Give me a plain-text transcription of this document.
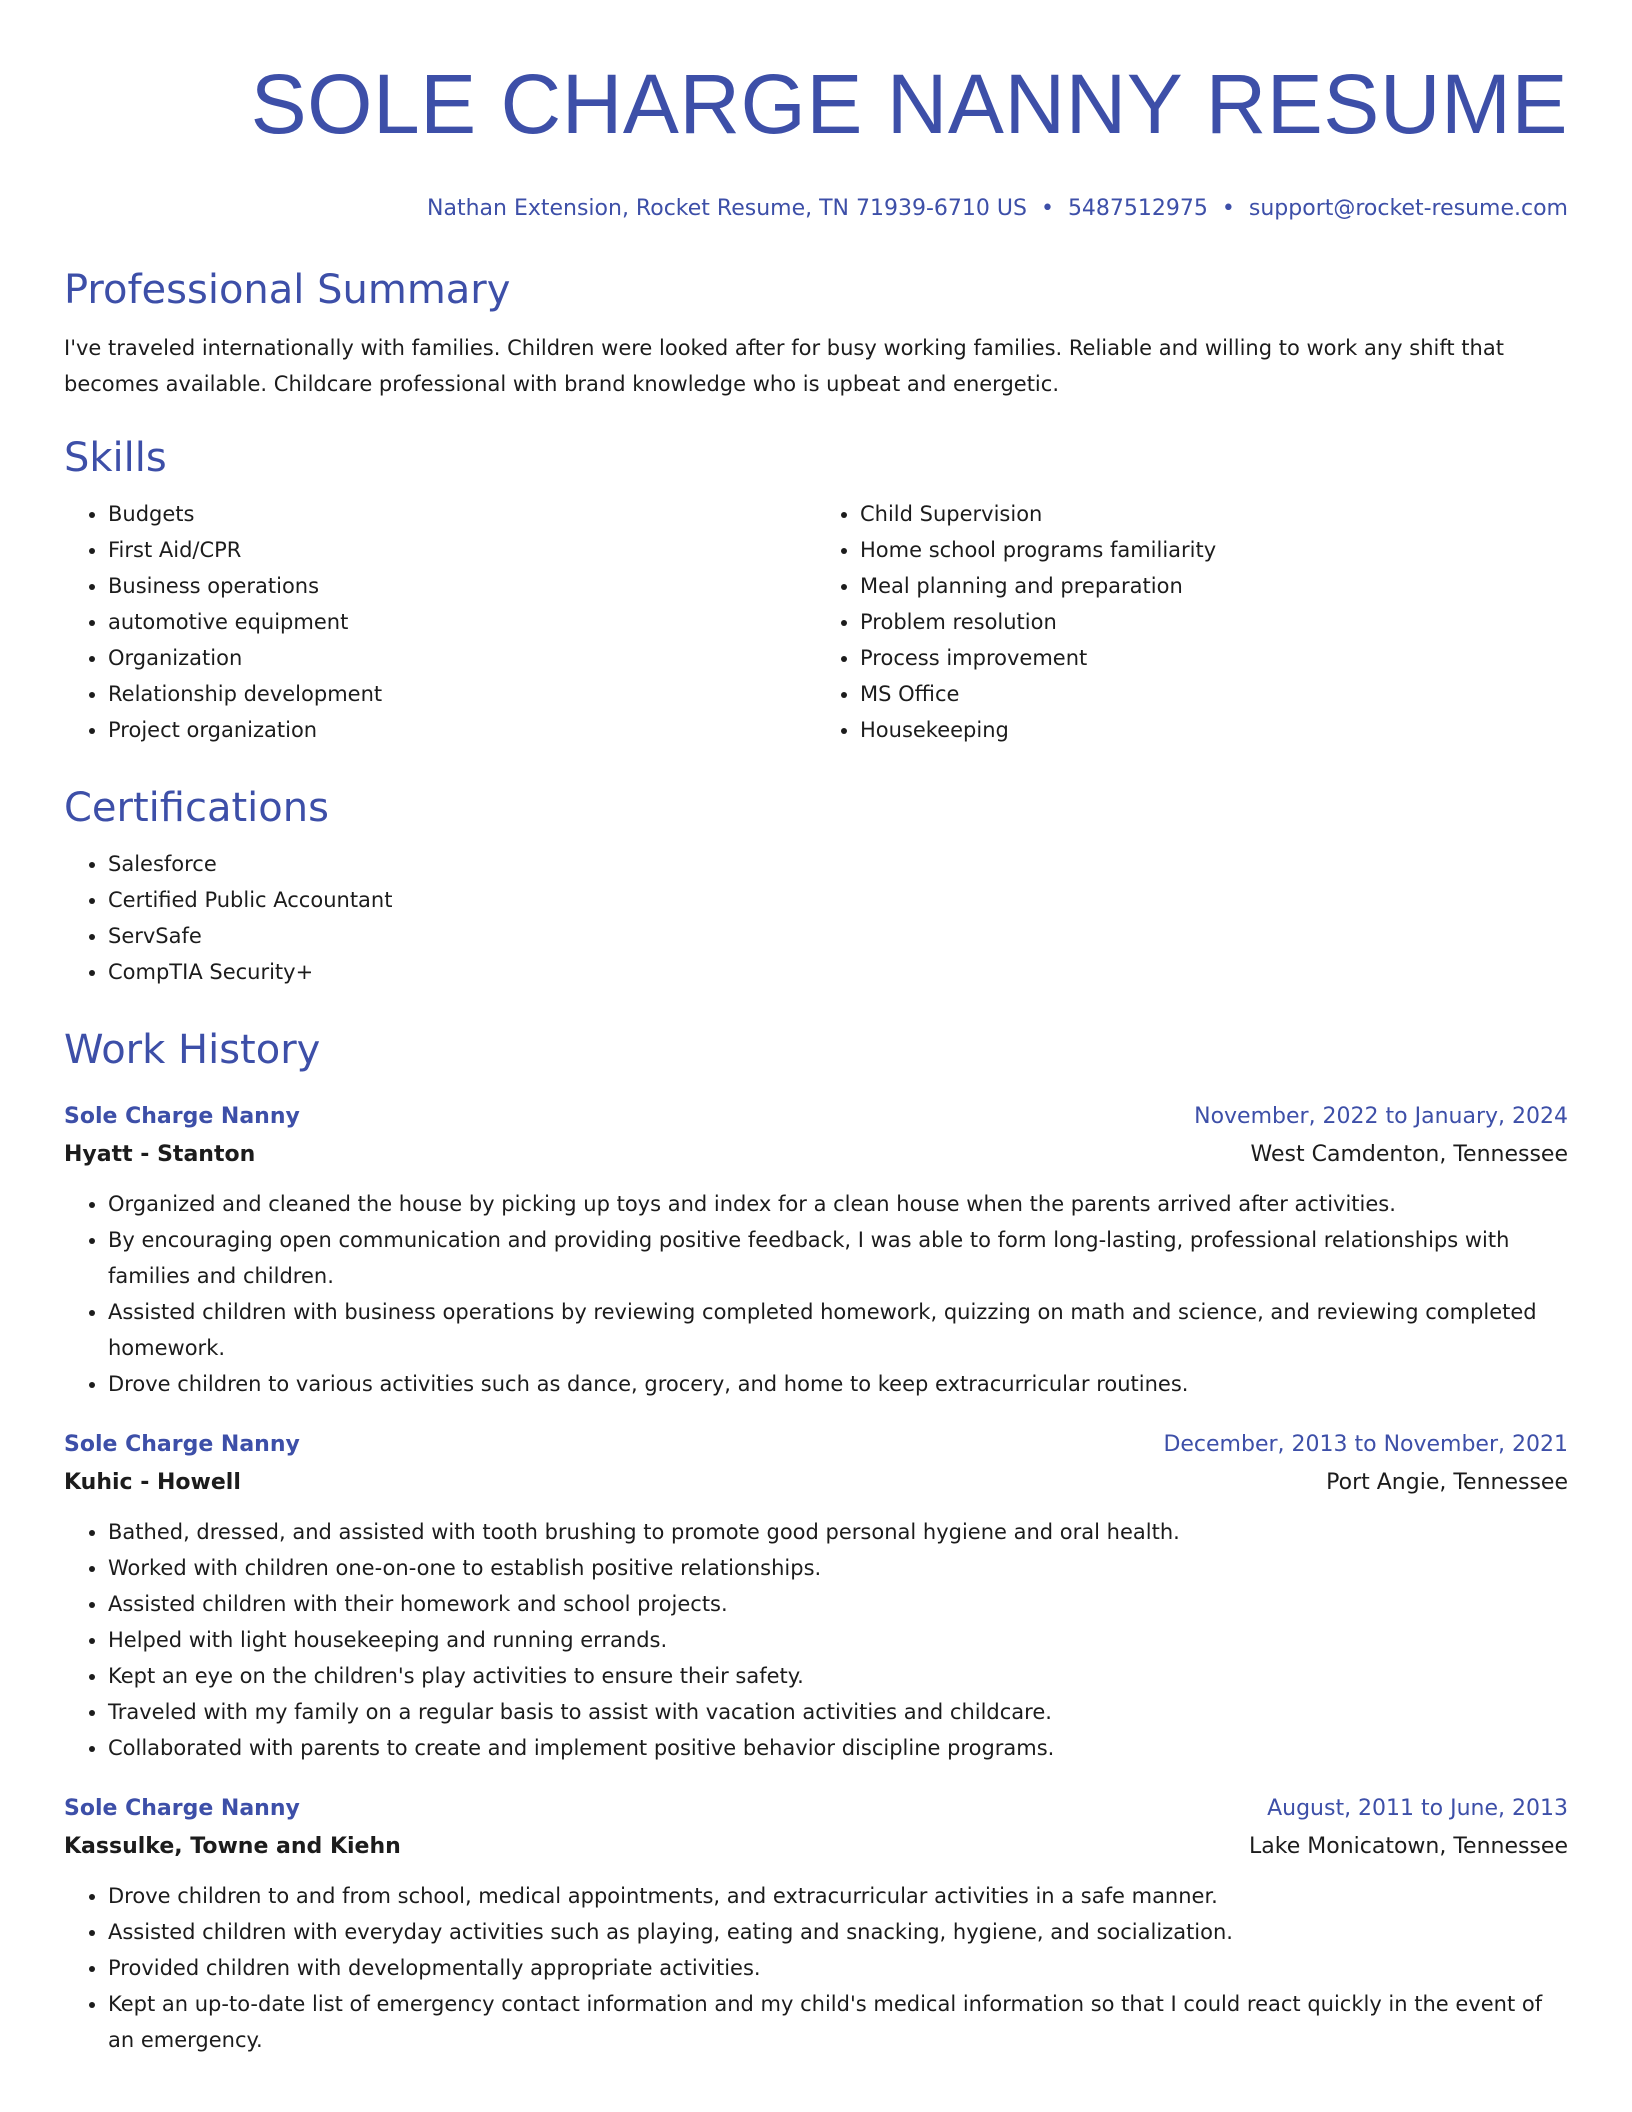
SOLE CHARGE NANNY RESUME
Nathan Extension, Rocket Resume, TN 71939-6710 US • 5487512975 • support@rocket-resume.com
Professional Summary
I've traveled internationally with families. Children were looked after for busy working families. Reliable and willing to work any shift that becomes available. Childcare professional with brand knowledge who is upbeat and energetic.
Skills
• Budgets
• First Aid/CPR
• Business operations
• automotive equipment
• Organization
• Relationship development
• Project organization
• Child Supervision
• Home school programs familiarity
• Meal planning and preparation
• Problem resolution
• Process improvement
• MS Office
• Housekeeping
Certifications
• Salesforce
• Certified Public Accountant
• ServSafe
• CompTIA Security+
Work History
Sole Charge Nanny	November, 2022 to January, 2024
Hyatt - Stanton	West Camdenton, Tennessee
• Organized and cleaned the house by picking up toys and index for a clean house when the parents arrived after activities.
• By encouraging open communication and providing positive feedback, I was able to form long-lasting, professional relationships with families and children.
• Assisted children with business operations by reviewing completed homework, quizzing on math and science, and reviewing completed homework.
• Drove children to various activities such as dance, grocery, and home to keep extracurricular routines.
Sole Charge Nanny	December, 2013 to November, 2021
Kuhic - Howell	Port Angie, Tennessee
• Bathed, dressed, and assisted with tooth brushing to promote good personal hygiene and oral health.
• Worked with children one-on-one to establish positive relationships.
• Assisted children with their homework and school projects.
• Helped with light housekeeping and running errands.
• Kept an eye on the children's play activities to ensure their safety.
• Traveled with my family on a regular basis to assist with vacation activities and childcare.
• Collaborated with parents to create and implement positive behavior discipline programs.
Sole Charge Nanny	August, 2011 to June, 2013
Kassulke, Towne and Kiehn	Lake Monicatown, Tennessee
• Drove children to and from school, medical appointments, and extracurricular activities in a safe manner.
• Assisted children with everyday activities such as playing, eating and snacking, hygiene, and socialization.
• Provided children with developmentally appropriate activities.
• Kept an up-to-date list of emergency contact information and my child's medical information so that I could react quickly in the event of an emergency.
